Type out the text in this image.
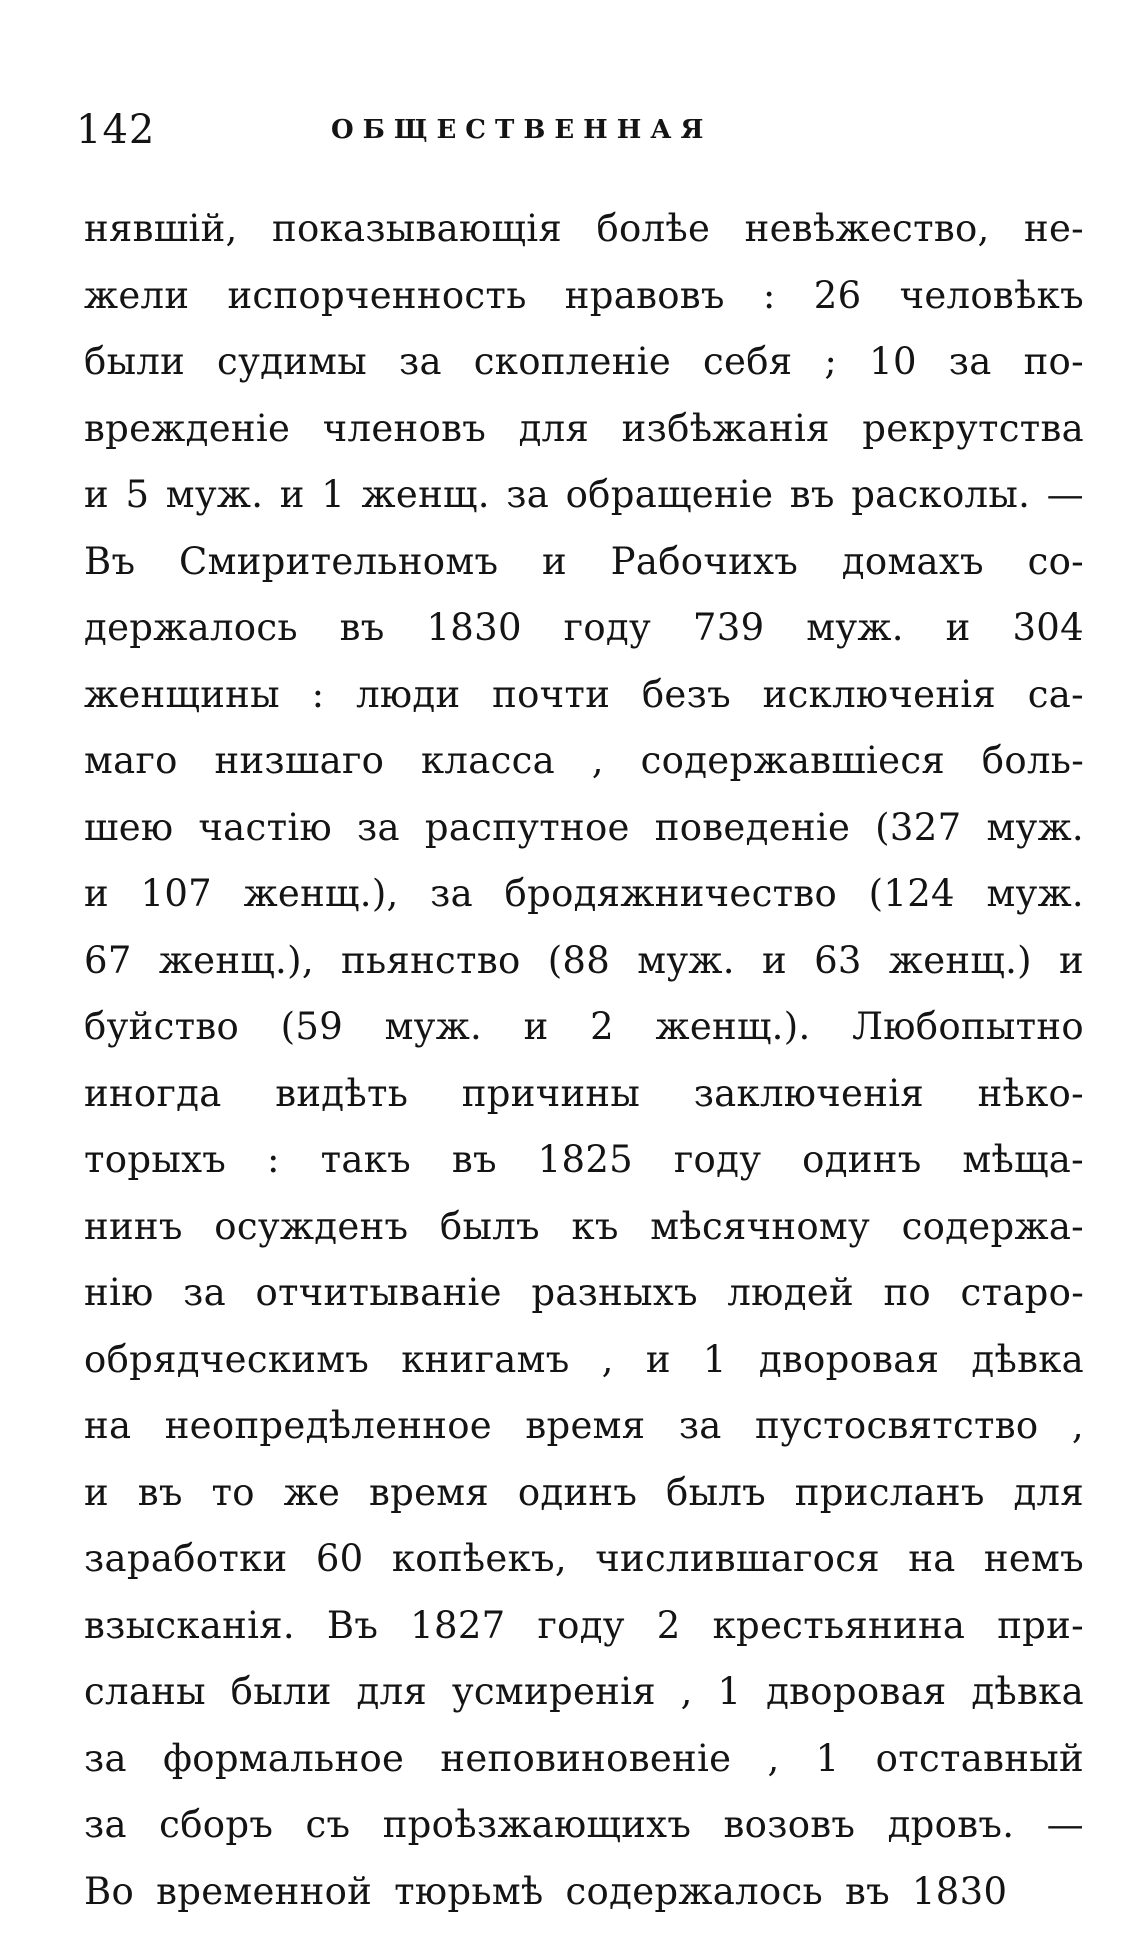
142	ОБЩЕСТВЕННАЯ
нявшій, показывающія болѣе невѣжество, не-
жели испорченность нравовъ : 26 человѣкъ
были судимы за скопленіе себя ; 10 за по-
врежденіе членовъ для избѣжанія рекрутства
и 5 муж. и 1 женщ. за обращеніе въ расколы. —
Въ Смирительномъ и Рабочихъ домахъ со-
держалось въ 1830 году 739 муж. и 304
женщины : люди почти безъ исключенія са-
маго низшаго класса , содержавшіеся боль-
шею частію за распутное поведеніе (327 муж.
и 107 женщ.), за бродяжничество (124 муж.
67 женщ.), пьянство (88 муж. и 63 женщ.) и
буйство (59 муж. и 2 женщ.). Любопытно
иногда видѣть причины заключенія нѣко-
торыхъ : такъ въ 1825 году одинъ мѣща-
нинъ осужденъ былъ къ мѣсячному содержа-
нію за отчитываніе разныхъ людей по старо-
обрядческимъ книгамъ , и 1 дворовая дѣвка
на неопредѣленное время за пустосвятство ,
и въ то же время одинъ былъ присланъ для
заработки 60 копѣекъ, числившагося на немъ
взысканія. Въ 1827 году 2 крестьянина при-
сланы были для усмиренія , 1 дворовая дѣвка
за формальное неповиновеніе , 1 отставный
за сборъ съ проѣзжающихъ возовъ дровъ. —
Во временной тюрьмѣ содержалось въ 1830
